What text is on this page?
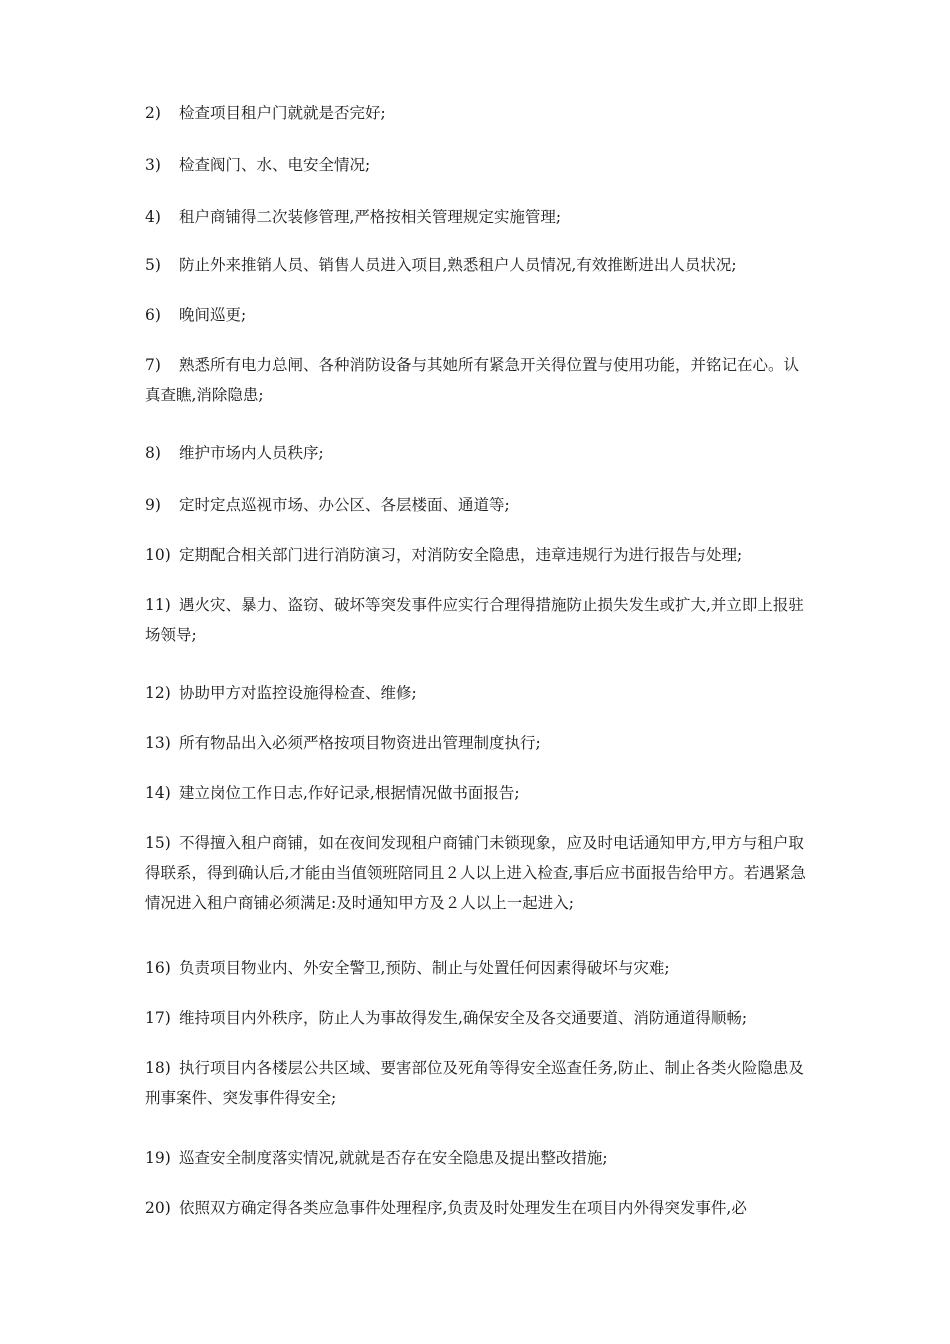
2) 检查项目租户门就就是否完好;

3) 检查阀门、水、电安全情况;

4) 租户商铺得二次装修管理,严格按相关管理规定实施管理;

5) 防止外来推销人员、销售人员进入项目,熟悉租户人员情况,有效推断进出人员状况;

6) 晚间巡更;

7) 熟悉所有电力总闸、各种消防设备与其她所有紧急开关得位置与使用功能，并铭记在心。认真查瞧,消除隐患;

8) 维护市场内人员秩序;

9) 定时定点巡视市场、办公区、各层楼面、通道等;

10) 定期配合相关部门进行消防演习，对消防安全隐患，违章违规行为进行报告与处理;

11) 遇火灾、暴力、盗窃、破坏等突发事件应实行合理得措施防止损失发生或扩大,并立即上报驻场领导;

12) 协助甲方对监控设施得检查、维修;

13) 所有物品出入必须严格按项目物资进出管理制度执行;

14) 建立岗位工作日志,作好记录,根据情况做书面报告;

15) 不得擅入租户商铺，如在夜间发现租户商铺门未锁现象，应及时电话通知甲方,甲方与租户取得联系，得到确认后,才能由当值领班陪同且２人以上进入检查,事后应书面报告给甲方。若遇紧急情况进入租户商铺必须满足:及时通知甲方及２人以上一起进入;

16) 负责项目物业内、外安全警卫,预防、制止与处置任何因素得破坏与灾难;

17) 维持项目内外秩序，防止人为事故得发生,确保安全及各交通要道、消防通道得顺畅;

18) 执行项目内各楼层公共区域、要害部位及死角等得安全巡查任务,防止、制止各类火险隐患及刑事案件、突发事件得安全;

19) 巡查安全制度落实情况,就就是否存在安全隐患及提出整改措施;

20) 依照双方确定得各类应急事件处理程序,负责及时处理发生在项目内外得突发事件,必
